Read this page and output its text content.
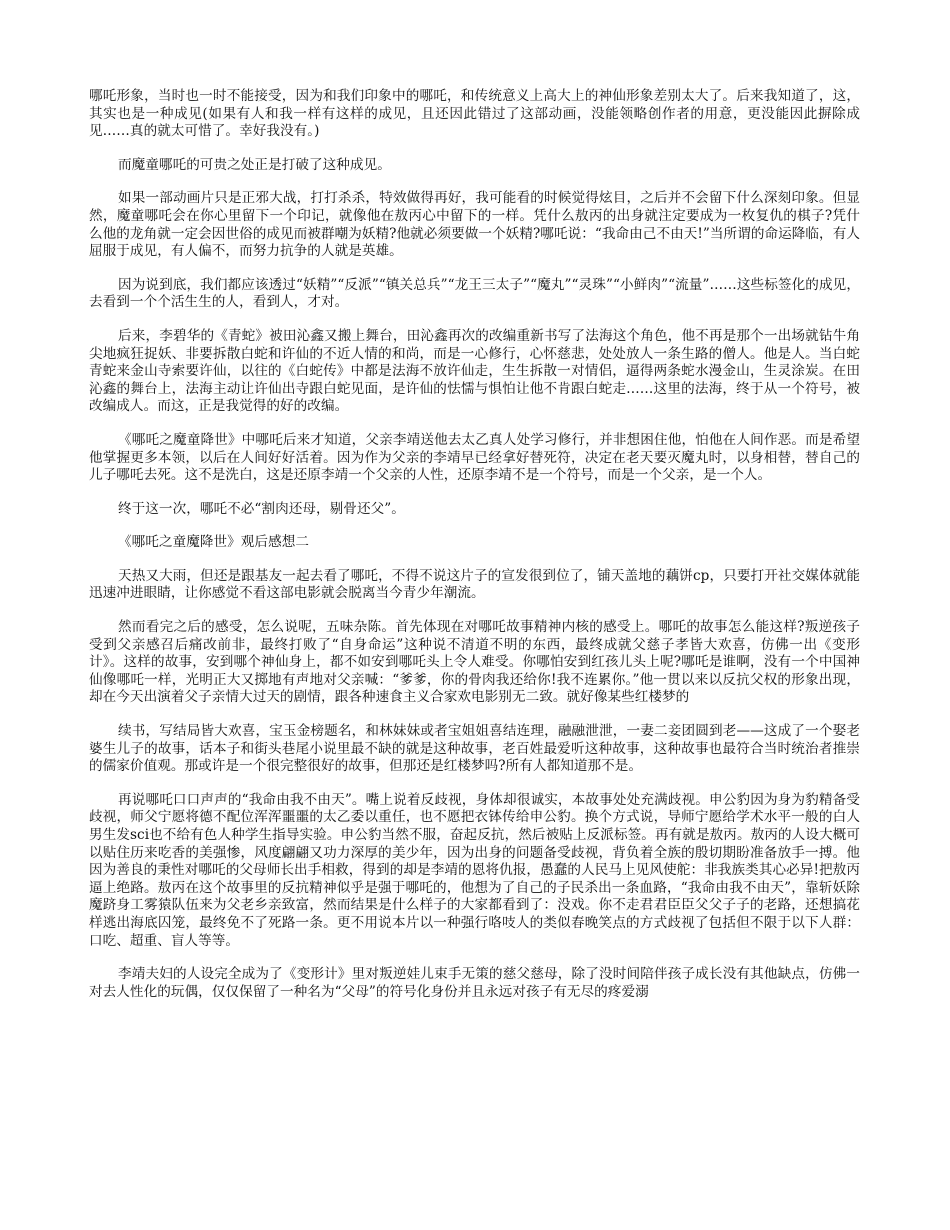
哪吒形象，当时也一时不能接受，因为和我们印象中的哪吒，和传统意义上高大上的神仙形象差别太大了。后来我知道了，这，其实也是一种成见(如果有人和我一样有这样的成见，且还因此错过了这部动画，没能领略创作者的用意，更没能因此摒除成见……真的就太可惜了。幸好我没有。)

而魔童哪吒的可贵之处正是打破了这种成见。

如果一部动画片只是正邪大战，打打杀杀，特效做得再好，我可能看的时候觉得炫目，之后并不会留下什么深刻印象。但显然，魔童哪吒会在你心里留下一个印记，就像他在敖丙心中留下的一样。凭什么敖丙的出身就注定要成为一枚复仇的棋子?凭什么他的龙角就一定会因世俗的成见而被群嘲为妖精?他就必须要做一个妖精?哪吒说：“我命由己不由天!”当所谓的命运降临，有人屈服于成见，有人偏不，而努力抗争的人就是英雄。

因为说到底，我们都应该透过“妖精”“反派”“镇关总兵”“龙王三太子”“魔丸”“灵珠”“小鲜肉”“流量”……这些标签化的成见，去看到一个个活生生的人，看到人，才对。

后来，李碧华的《青蛇》被田沁鑫又搬上舞台，田沁鑫再次的改编重新书写了法海这个角色，他不再是那个一出场就钻牛角尖地疯狂捉妖、非要拆散白蛇和许仙的不近人情的和尚，而是一心修行，心怀慈悲，处处放人一条生路的僧人。他是人。当白蛇青蛇来金山寺索要许仙，以往的《白蛇传》中都是法海不放许仙走，生生拆散一对情侣，逼得两条蛇水漫金山，生灵涂炭。在田沁鑫的舞台上，法海主动让许仙出寺跟白蛇见面，是许仙的怯懦与惧怕让他不肯跟白蛇走……这里的法海，终于从一个符号，被改编成人。而这，正是我觉得的好的改编。

《哪吒之魔童降世》中哪吒后来才知道，父亲李靖送他去太乙真人处学习修行，并非想困住他，怕他在人间作恶。而是希望他掌握更多本领，以后在人间好好活着。因为作为父亲的李靖早已经拿好替死符，决定在老天要灭魔丸时，以身相替，替自己的儿子哪吒去死。这不是洗白，这是还原李靖一个父亲的人性，还原李靖不是一个符号，而是一个父亲，是一个人。

终于这一次，哪吒不必“割肉还母，剔骨还父”。

《哪吒之童魔降世》观后感想二

天热又大雨，但还是跟基友一起去看了哪吒，不得不说这片子的宣发很到位了，铺天盖地的藕饼cp，只要打开社交媒体就能迅速冲进眼睛，让你感觉不看这部电影就会脱离当今青少年潮流。

然而看完之后的感受，怎么说呢，五味杂陈。首先体现在对哪吒故事精神内核的感受上。哪吒的故事怎么能这样?叛逆孩子受到父亲感召后痛改前非，最终打败了“自身命运”这种说不清道不明的东西，最终成就父慈子孝皆大欢喜，仿佛一出《变形计》。这样的故事，安到哪个神仙身上，都不如安到哪吒头上令人难受。你哪怕安到红孩儿头上呢?哪吒是谁啊，没有一个中国神仙像哪吒一样，光明正大又掷地有声地对父亲喊：“爹爹，你的骨肉我还给你!我不连累你。”他一贯以来以反抗父权的形象出现，却在今天出演着父子亲情大过天的剧情，跟各种速食主义合家欢电影别无二致。就好像某些红楼梦的

续书，写结局皆大欢喜，宝玉金榜题名，和林妹妹或者宝姐姐喜结连理，融融泄泄，一妻二妾团圆到老——这成了一个娶老婆生儿子的故事，话本子和街头巷尾小说里最不缺的就是这种故事，老百姓最爱听这种故事，这种故事也最符合当时统治者推崇的儒家价值观。那或许是一个很完整很好的故事，但那还是红楼梦吗?所有人都知道那不是。

再说哪吒口口声声的“我命由我不由天”。嘴上说着反歧视，身体却很诚实，本故事处处充满歧视。申公豹因为身为豹精备受歧视，师父宁愿将德不配位浑浑噩噩的太乙委以重任，也不愿把衣钵传给申公豹。换个方式说，导师宁愿给学术水平一般的白人男生发sci也不给有色人种学生指导实验。申公豹当然不服，奋起反抗，然后被贴上反派标签。再有就是敖丙。敖丙的人设大概可以贴住历来吃香的美强惨，风度翩翩又功力深厚的美少年，因为出身的问题备受歧视，背负着全族的殷切期盼准备放手一搏。他因为善良的秉性对哪吒的父母师长出手相救，得到的却是李靖的恩将仇报，愚蠢的人民马上见风使舵：非我族类其心必异!把敖丙逼上绝路。敖丙在这个故事里的反抗精神似乎是强于哪吒的，他想为了自己的子民杀出一条血路，“我命由我不由天”，靠斩妖除魔跻身工雾猿队伍来为父老乡亲致富，然而结果是什么样子的大家都看到了：没戏。你不走君君臣臣父父子子的老路，还想搞花样逃出海底囚笼，最终免不了死路一条。更不用说本片以一种强行咯吱人的类似春晚笑点的方式歧视了包括但不限于以下人群：口吃、超重、盲人等等。

李靖夫妇的人设完全成为了《变形计》里对叛逆娃儿束手无策的慈父慈母，除了没时间陪伴孩子成长没有其他缺点，仿佛一对去人性化的玩偶，仅仅保留了一种名为“父母”的符号化身份并且永远对孩子有无尽的疼爱溺
